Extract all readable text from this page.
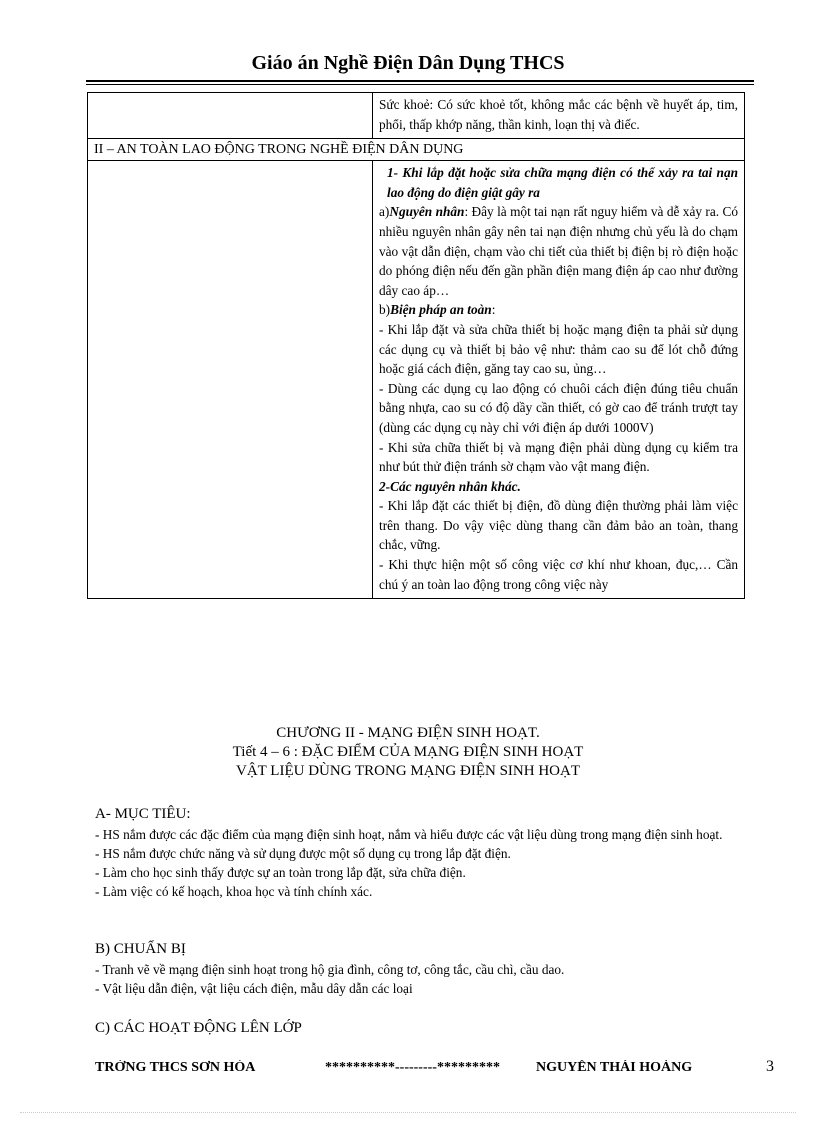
Giáo án Nghề Điện Dân Dụng THCS

Sức khoẻ: Có sức khoẻ tốt, không mắc các bệnh về huyết áp, tim, phổi, thấp khớp năng, thần kinh, loạn thị và điếc.

II – AN TOÀN LAO ĐỘNG TRONG NGHỀ ĐIỆN DÂN DỤNG

1- Khi lắp đặt hoặc sửa chữa mạng điện có thể xảy ra tai nạn lao động do điện giật gây ra

a)Nguyên nhân: Đây là một tai nạn rất nguy hiểm và dễ xảy ra. Có nhiều nguyên nhân gây nên tai nạn điện nhưng chủ yếu là do chạm vào vật dẫn điện, chạm vào chi tiết của thiết bị điện bị rò điện hoặc do phóng điện nếu đến gần phần điện mang điện áp cao như đường dây cao áp…

b)Biện pháp an toàn:

- Khi lắp đặt và sửa chữa thiết bị hoặc mạng điện ta phải sử dụng các dụng cụ và thiết bị bảo vệ như: thảm cao su để lót chỗ đứng hoặc giá cách điện, găng tay cao su, ủng…

- Dùng các dụng cụ lao động có chuôi cách điện đúng tiêu chuẩn bằng nhựa, cao su có độ dầy cần thiết, có gờ cao để tránh trượt tay (dùng các dụng cụ này chỉ với điện áp dưới 1000V)

- Khi sửa chữa thiết bị và mạng điện phải dùng dụng cụ kiểm tra như bút thử điện tránh sờ chạm vào vật mang điện.

2-Các nguyên nhân khác.

- Khi lắp đặt các thiết bị điện, đồ dùng điện thường phải làm việc trên thang. Do vậy việc dùng thang cần đảm bảo an toàn, thang chắc, vững.

- Khi thực hiện một số công việc cơ khí như khoan, đục,… Cần chú ý an toàn lao động trong công việc này

CHƯƠNG II - MẠNG ĐIỆN SINH HOẠT.
Tiết 4 – 6 : ĐẶC ĐIỂM CỦA MẠNG ĐIỆN SINH HOẠT
VẬT LIỆU DÙNG TRONG MẠNG ĐIỆN SINH HOẠT
A- MỤC TIÊU:

- HS nắm được các đặc điểm của mạng điện sinh hoạt, nắm và hiểu được các vật liệu dùng trong mạng điện sinh hoạt.

- HS nắm được chức năng và sử dụng được một số dụng cụ trong lắp đặt điện.

- Làm cho học sinh thấy được sự an toàn trong lắp đặt, sửa chữa điện.

- Làm việc có kế hoạch, khoa học và tính chính xác.

B) CHUẨN BỊ

- Tranh vẽ về mạng điện sinh hoạt trong hộ gia đình, công tơ, công tắc, cầu chì, cầu dao.

- Vật liệu dẫn điện, vật liệu cách điện, mẫu dây dẫn các loại

C) CÁC HOẠT ĐỘNG LÊN LỚP
TRỜNG THCS SƠN HÓA	**********---------*********	NGUYỄN THÁI HOÀNG	3
